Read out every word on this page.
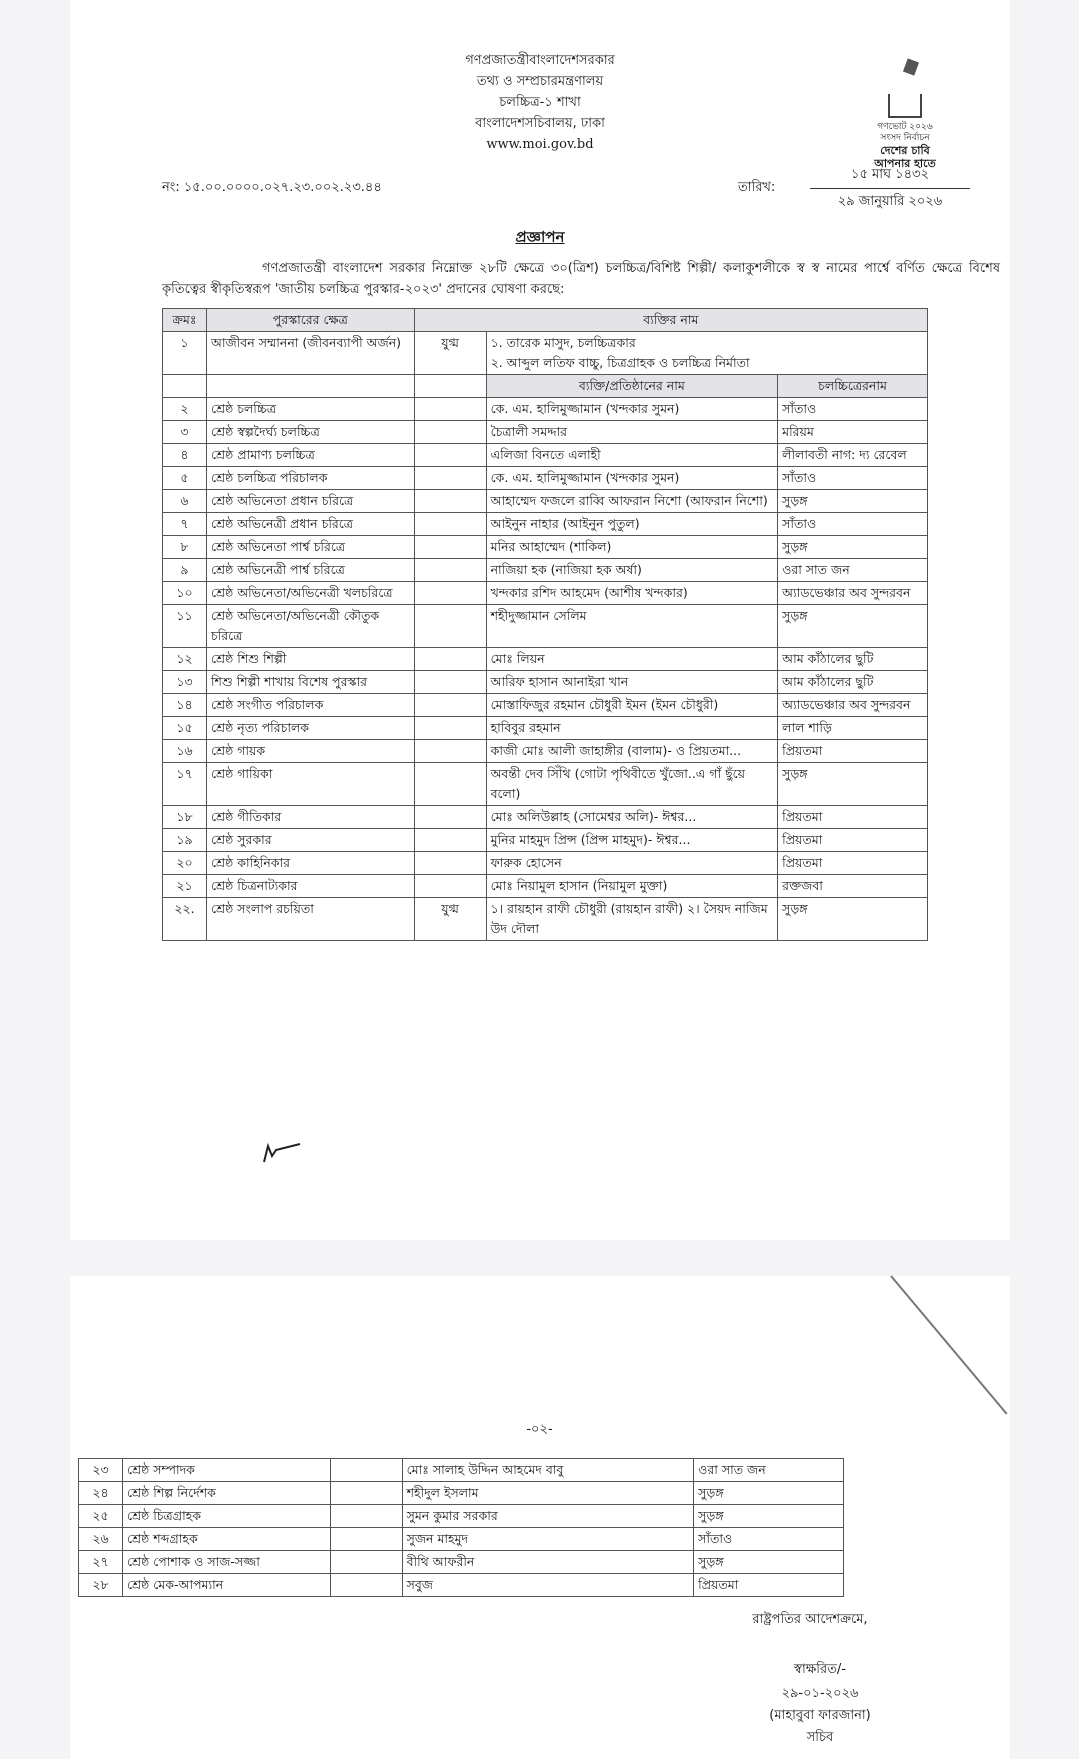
গণপ্রজাতন্ত্রীবাংলাদেশসরকার
তথ্য ও সম্প্রচারমন্ত্রণালয়
চলচ্চিত্র-১ শাখা
বাংলাদেশসচিবালয়, ঢাকা
www.moi.gov.bd
গণভোট ২০২৬
সংসদ নির্বাচন
দেশের চাবি
আপনার হাতে
নং: ১৫.০০.০০০০.০২৭.২৩.০০২.২৩.৪৪	তারিখ:
১৫ মাঘ ১৪৩২
২৯ জানুয়ারি ২০২৬
প্রজ্ঞাপন
গণপ্রজাতন্ত্রী বাংলাদেশ সরকার নিম্নোক্ত ২৮টি ক্ষেত্রে ৩০(ত্রিশ) চলচ্চিত্র/বিশিষ্ট শিল্পী/ কলাকুশলীকে স্ব স্ব নামের পার্শ্বে বর্ণিত ক্ষেত্রে বিশেষ কৃতিত্বের স্বীকৃতিস্বরূপ 'জাতীয় চলচ্চিত্র পুরস্কার-২০২৩' প্রদানের ঘোষণা করছে:
ক্রমঃ	পুরস্কারের ক্ষেত্র	ব্যক্তির নাম		
১	আজীবন সম্মাননা (জীবনব্যাপী অর্জন)	যুগ্ম	১. তারেক মাসুদ, চলচ্চিত্রকার
২. আব্দুল লতিফ বাচ্চু, চিত্রগ্রাহক ও চলচ্চিত্র নির্মাতা	

			ব্যক্তি/প্রতিষ্ঠানের নাম	চলচ্চিত্রেরনাম
২	শ্রেষ্ঠ চলচ্চিত্র		কে. এম. হালিমুজ্জামান (খন্দকার সুমন)	সাঁতাও
৩	শ্রেষ্ঠ স্বল্পদৈর্ঘ্য চলচ্চিত্র		চৈত্রালী সমদ্দার	মরিয়ম
৪	শ্রেষ্ঠ প্রামাণ্য চলচ্চিত্র		এলিজা বিনতে এলাহী	লীলাবতী নাগ: দ্য রেবেল
৫	শ্রেষ্ঠ চলচ্চিত্র পরিচালক		কে. এম. হালিমুজ্জামান (খন্দকার সুমন)	সাঁতাও
৬	শ্রেষ্ঠ অভিনেতা প্রধান চরিত্রে		আহাম্মেদ ফজলে রাব্বি আফরান নিশো (আফরান নিশো)	সুড়ঙ্গ
৭	শ্রেষ্ঠ অভিনেত্রী প্রধান চরিত্রে		আইনুন নাহার (আইনুন পুতুল)	সাঁতাও
৮	শ্রেষ্ঠ অভিনেতা পার্শ্ব চরিত্রে		মনির আহাম্মেদ (শাকিল)	সুড়ঙ্গ
৯	শ্রেষ্ঠ অভিনেত্রী পার্শ্ব চরিত্রে		নাজিয়া হক (নাজিয়া হক অর্ষা)	ওরা সাত জন
১০	শ্রেষ্ঠ অভিনেতা/অভিনেত্রী খলচরিত্রে		খন্দকার রশিদ আহমেদ (আশীষ খন্দকার)	অ্যাডভেঞ্চার অব সুন্দরবন
১১	শ্রেষ্ঠ অভিনেতা/অভিনেত্রী কৌতুক চরিত্রে		শহীদুজ্জামান সেলিম	সুড়ঙ্গ
১২	শ্রেষ্ঠ শিশু শিল্পী		মোঃ লিয়ন	আম কাঁঠালের ছুটি
১৩	শিশু শিল্পী শাখায় বিশেষ পুরস্কার		আরিফ হাসান আনাইরা খান	আম কাঁঠালের ছুটি
১৪	শ্রেষ্ঠ সংগীত পরিচালক		মোস্তাফিজুর রহমান চৌধুরী ইমন (ইমন চৌধুরী)	অ্যাডভেঞ্চার অব সুন্দরবন
১৫	শ্রেষ্ঠ নৃত্য পরিচালক		হাবিবুর রহমান	লাল শাড়ি
১৬	শ্রেষ্ঠ গায়ক		কাজী মোঃ আলী জাহাঙ্গীর (বালাম)- ও প্রিয়তমা...	প্রিয়তমা
১৭	শ্রেষ্ঠ গায়িকা		অবন্তী দেব সিঁথি (গোটা পৃথিবীতে খুঁজো..এ গাঁ ছুঁয়ে বলো)	সুড়ঙ্গ
১৮	শ্রেষ্ঠ গীতিকার		মোঃ অলিউল্লাহ (সোমেশ্বর অলি)- ঈশ্বর...	প্রিয়তমা
১৯	শ্রেষ্ঠ সুরকার		মুনির মাহমুদ প্রিন্স (প্রিন্স মাহমুদ)- ঈশ্বর...	প্রিয়তমা
২০	শ্রেষ্ঠ কাহিনিকার		ফারুক হোসেন	প্রিয়তমা
২১	শ্রেষ্ঠ চিত্রনাট্যকার		মোঃ নিয়ামুল হাসান (নিয়ামুল মুক্তা)	রক্তজবা
২২.	শ্রেষ্ঠ সংলাপ রচয়িতা	যুগ্ম	১। রায়হান রাফী চৌধুরী (রায়হান রাফী) ২। সৈয়দ নাজিম উদ দৌলা	সুড়ঙ্গ
-০২-
২৩	শ্রেষ্ঠ সম্পাদক		মোঃ সালাহ উদ্দিন আহমেদ বাবু	ওরা সাত জন
২৪	শ্রেষ্ঠ শিল্প নির্দেশক		শহীদুল ইসলাম	সুড়ঙ্গ
২৫	শ্রেষ্ঠ চিত্রগ্রাহক		সুমন কুমার সরকার	সুড়ঙ্গ
২৬	শ্রেষ্ঠ শব্দগ্রাহক		সুজন মাহমুদ	সাঁতাও
২৭	শ্রেষ্ঠ পোশাক ও সাজ-সজ্জা		বীথি আফরীন	সুড়ঙ্গ
২৮	শ্রেষ্ঠ মেক-আপম্যান		সবুজ	প্রিয়তমা
রাষ্ট্রপতির আদেশক্রমে,
স্বাক্ষরিত/-
২৯-০১-২০২৬
(মাহাবুবা ফারজানা)
সচিব
